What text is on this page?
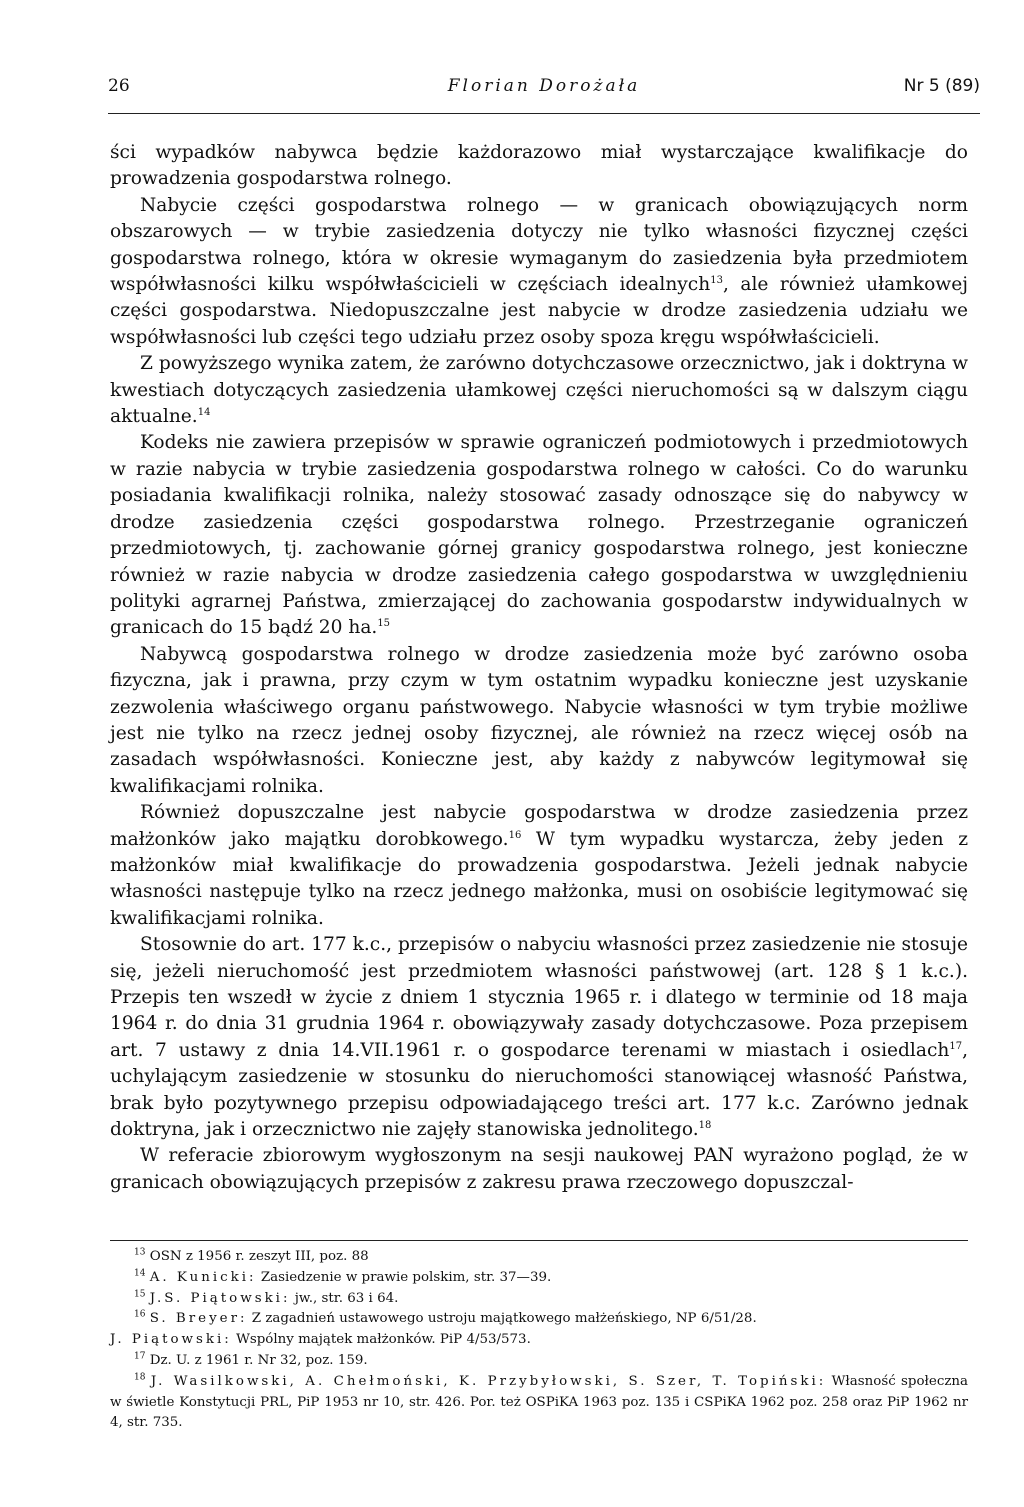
26	Florian Dorożała	Nr 5 (89)

ści wypadków nabywca będzie każdorazowo miał wystarczające kwalifikacje do prowadzenia gospodarstwa rolnego.

Nabycie części gospodarstwa rolnego — w granicach obowiązujących norm obszarowych — w trybie zasiedzenia dotyczy nie tylko własności fizycznej części gospodarstwa rolnego, która w okresie wymaganym do zasiedzenia była przedmiotem współwłasności kilku współwłaścicieli w częściach idealnych$^{13}$, ale również ułamkowej części gospodarstwa. Niedopuszczalne jest nabycie w drodze zasiedzenia udziału we współwłasności lub części tego udziału przez osoby spoza kręgu współwłaścicieli.

Z powyższego wynika zatem, że zarówno dotychczasowe orzecznictwo, jak i doktryna w kwestiach dotyczących zasiedzenia ułamkowej części nieruchomości są w dalszym ciągu aktualne.$^{14}$

Kodeks nie zawiera przepisów w sprawie ograniczeń podmiotowych i przedmiotowych w razie nabycia w trybie zasiedzenia gospodarstwa rolnego w całości. Co do warunku posiadania kwalifikacji rolnika, należy stosować zasady odnoszące się do nabywcy w drodze zasiedzenia części gospodarstwa rolnego. Przestrzeganie ograniczeń przedmiotowych, tj. zachowanie górnej granicy gospodarstwa rolnego, jest konieczne również w razie nabycia w drodze zasiedzenia całego gospodarstwa w uwzględnieniu polityki agrarnej Państwa, zmierzającej do zachowania gospodarstw indywidualnych w granicach do 15 bądź 20 ha.$^{15}$

Nabywcą gospodarstwa rolnego w drodze zasiedzenia może być zarówno osoba fizyczna, jak i prawna, przy czym w tym ostatnim wypadku konieczne jest uzyskanie zezwolenia właściwego organu państwowego. Nabycie własności w tym trybie możliwe jest nie tylko na rzecz jednej osoby fizycznej, ale również na rzecz więcej osób na zasadach współwłasności. Konieczne jest, aby każdy z nabywców legitymował się kwalifikacjami rolnika.

Również dopuszczalne jest nabycie gospodarstwa w drodze zasiedzenia przez małżonków jako majątku dorobkowego.$^{16}$ W tym wypadku wystarcza, żeby jeden z małżonków miał kwalifikacje do prowadzenia gospodarstwa. Jeżeli jednak nabycie własności następuje tylko na rzecz jednego małżonka, musi on osobiście legitymować się kwalifikacjami rolnika.

Stosownie do art. 177 k.c., przepisów o nabyciu własności przez zasiedzenie nie stosuje się, jeżeli nieruchomość jest przedmiotem własności państwowej (art. 128 § 1 k.c.). Przepis ten wszedł w życie z dniem 1 stycznia 1965 r. i dlatego w terminie od 18 maja 1964 r. do dnia 31 grudnia 1964 r. obowiązywały zasady dotychczasowe. Poza przepisem art. 7 ustawy z dnia 14.VII.1961 r. o gospodarce terenami w miastach i osiedlach$^{17}$, uchylającym zasiedzenie w stosunku do nieruchomości stanowiącej własność Państwa, brak było pozytywnego przepisu odpowiadającego treści art. 177 k.c. Zarówno jednak doktryna, jak i orzecznictwo nie zajęły stanowiska jednolitego.$^{18}$

W referacie zbiorowym wygłoszonym na sesji naukowej PAN wyrażono pogląd, że w granicach obowiązujących przepisów z zakresu prawa rzeczowego dopuszczal-

$^{13}$ OSN z 1956 r. zeszyt III, poz. 88

$^{14}$ A. Kunicki: Zasiedzenie w prawie polskim, str. 37—39.

$^{15}$ J.S. Piątowski: jw., str. 63 i 64.

$^{16}$ S. Breyer: Z zagadnień ustawowego ustroju majątkowego małżeńskiego, NP 6/51/28.

J. Piątowski: Wspólny majątek małżonków. PiP 4/53/573.

$^{17}$ Dz. U. z 1961 r. Nr 32, poz. 159.

$^{18}$ J. Wasilkowski, A. Chełmoński, K. Przybyłowski, S. Szer, T. Topiński: Własność społeczna w świetle Konstytucji PRL, PiP 1953 nr 10, str. 426. Por. też OSPiKA 1963 poz. 135 i CSPiKA 1962 poz. 258 oraz PiP 1962 nr 4, str. 735.
